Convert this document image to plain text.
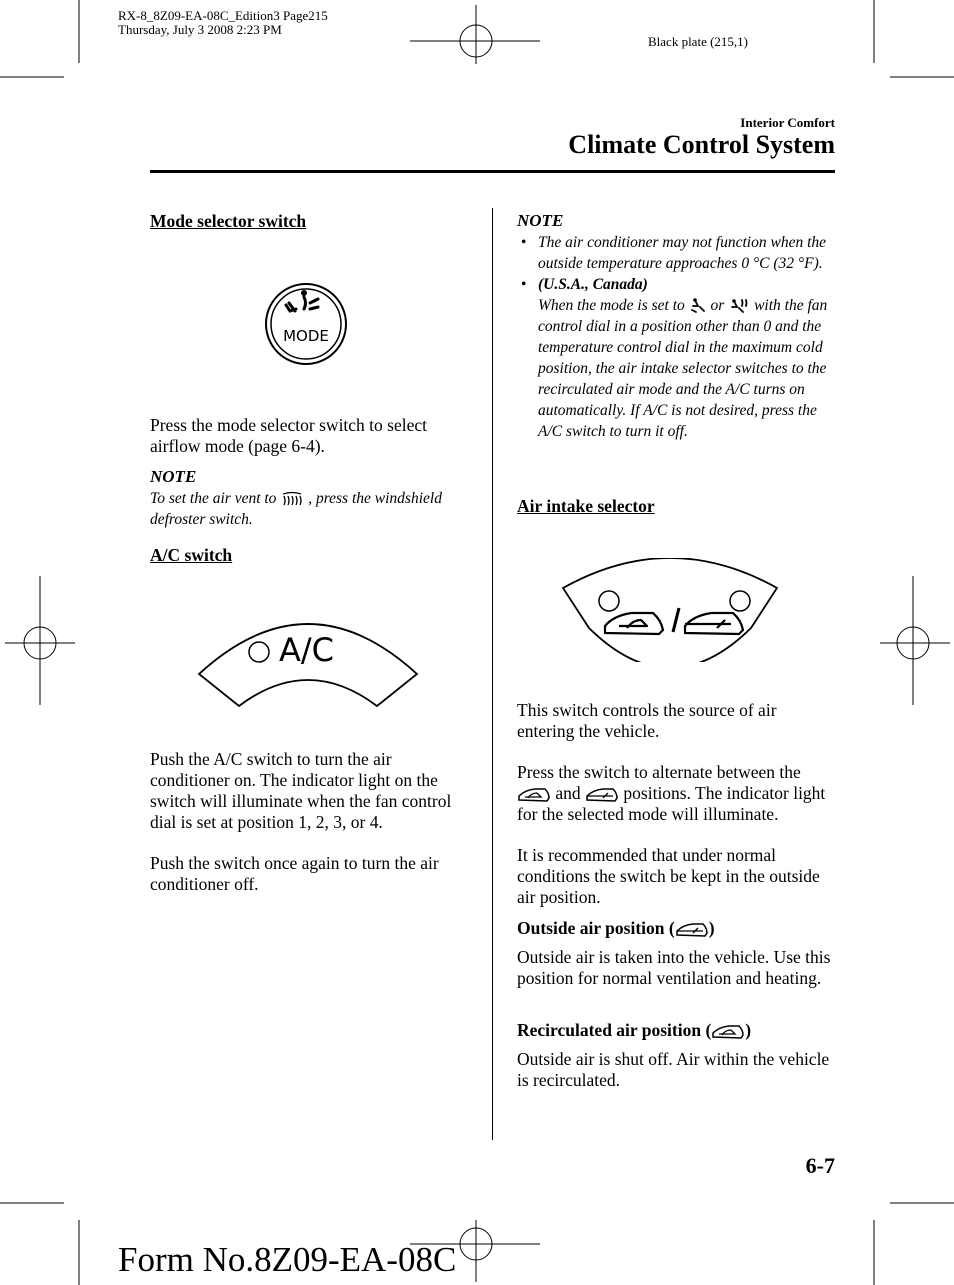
RX-8_8Z09-EA-08C_Edition3 Page215
Thursday, July 3 2008 2:23 PM
Black plate (215,1)
Interior Comfort
Climate Control System
Mode selector switch
MODE
Press the mode selector switch to select airflow mode (page 6-4).
NOTE
To set the air vent to , press the windshield defroster switch.
A/C switch
A/C
Push the A/C switch to turn the air conditioner on. The indicator light on the switch will illuminate when the fan control dial is set at position 1, 2, 3, or 4.
Push the switch once again to turn the air conditioner off.
NOTE
• The air conditioner may not function when the outside temperature approaches 0 °C (32 °F).
• (U.S.A., Canada)
When the mode is set to or with the fan control dial in a position other than 0 and the temperature control dial in the maximum cold position, the air intake selector switches to the recirculated air mode and the A/C turns on automatically. If A/C is not desired, press the A/C switch to turn it off.
Air intake selector
This switch controls the source of air entering the vehicle.
Press the switch to alternate between the  and positions. The indicator light for the selected mode will illuminate.
It is recommended that under normal conditions the switch be kept in the outside air position.
Outside air position ( )
Outside air is taken into the vehicle. Use this position for normal ventilation and heating.
Recirculated air position ( )
Outside air is shut off. Air within the vehicle is recirculated.
6-7
Form No.8Z09-EA-08C
